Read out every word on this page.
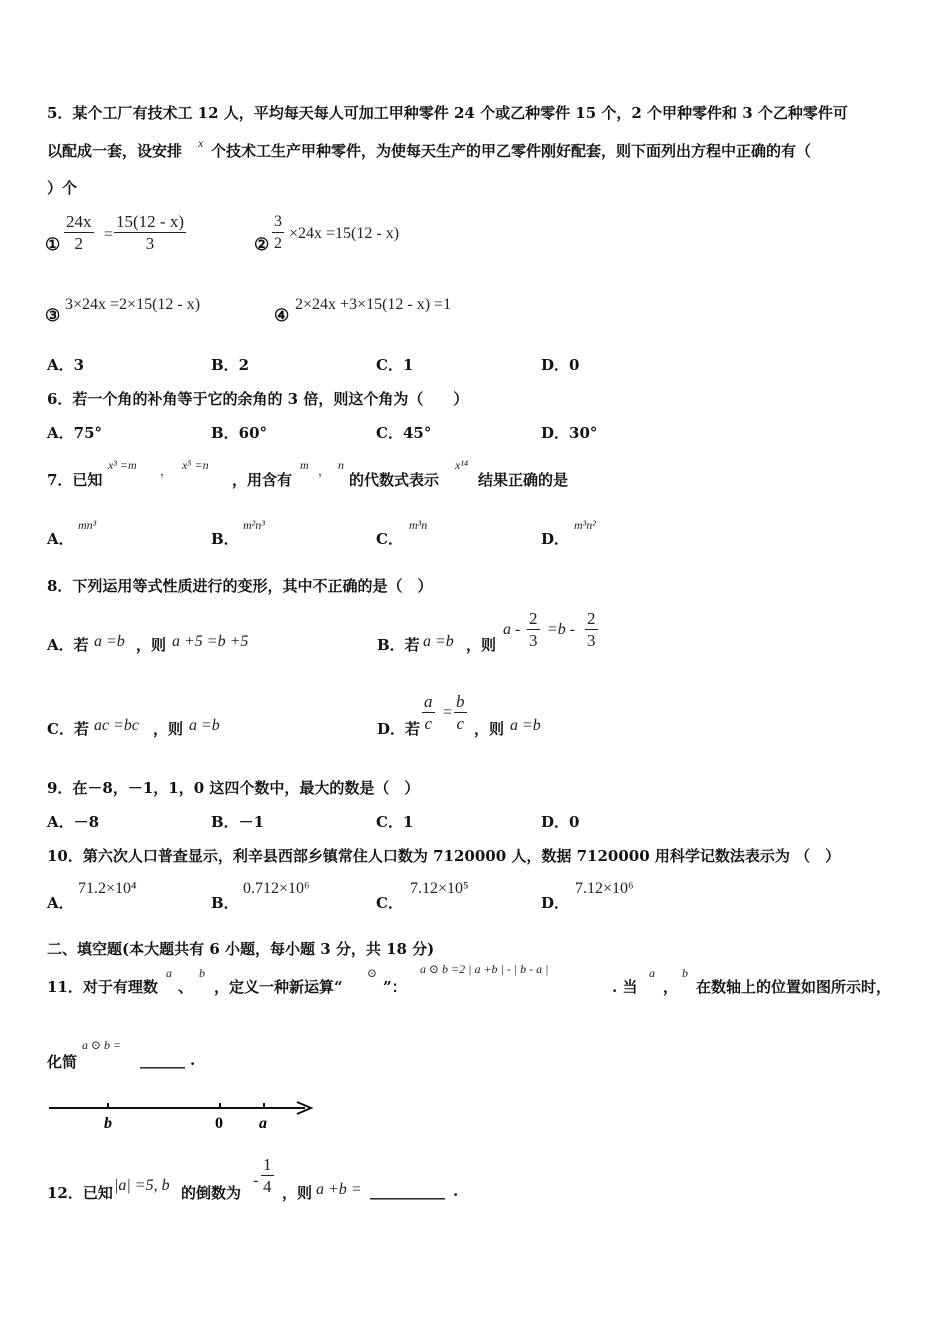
5．某个工厂有技术工 12 人，平均每天每人可加工甲种零件 24 个或乙种零件 15 个，2 个甲种零件和 3 个乙种零件可
以配成一套，设安排 x 个技术工生产甲种零件，为使每天生产的甲乙零件刚好配套，则下面列出方程中正确的有（
）个
① $\frac{24x}{2} = \frac{15(12 - x)}{3}$	② $\frac{3}{2} \times 24x =15(12 - x)$
③
3×24x =2×15(12 - x)
④
2×24x +3×15(12 - x) =1
A．3	B．2	C．1	D．0
6．若一个角的补角等于它的余角的 3 倍，则这个角为（　　）
A．75°	B．60°	C．45°	D．30°
7．已知
x³ =m ， x⁵ =n
，用含有
m ， n
的代数式表示
x¹⁴
结果正确的是
A．
mn³
B．
m²n³
C．
m³n
D．
m³n²
8．下列运用等式性质进行的变形，其中不正确的是（　）
A．若 a =b ，则 a +5 =b +5	B．若 a =b ，则
$a - \frac{2}{3} =b - \frac{2}{3}$
C．若 ac =bc ，则 a =b	D．若 $\frac{a}{c} = \frac{b}{c}$ ，则 a =b
9．在－8，－1，1，0 这四个数中，最大的数是（　）
A．－8	B．－1	C．1	D．0
10．第六次人口普查显示，利辛县西部乡镇常住人口数为 7120000 人，数据 7120000 用科学记数法表示为 （　）
A．
71.2×10⁴
B．
0.712×10⁶
C．
7.12×10⁵
D．
7.12×10⁶
二、填空题(本大题共有 6 小题，每小题 3 分，共 18 分)
11．对于有理数
a
、
b
，定义一种新运算“
⊙
”：
a ⊙ b =2 | a +b | - | b - a |
. 当
a
，
b
在数轴上的位置如图所示时，
化简
a ⊙ b =
______ .
b	0 a
12．已知 |a| =5, b 的倒数为
- $\frac{1}{4}$ ，则 a +b = __________ .
